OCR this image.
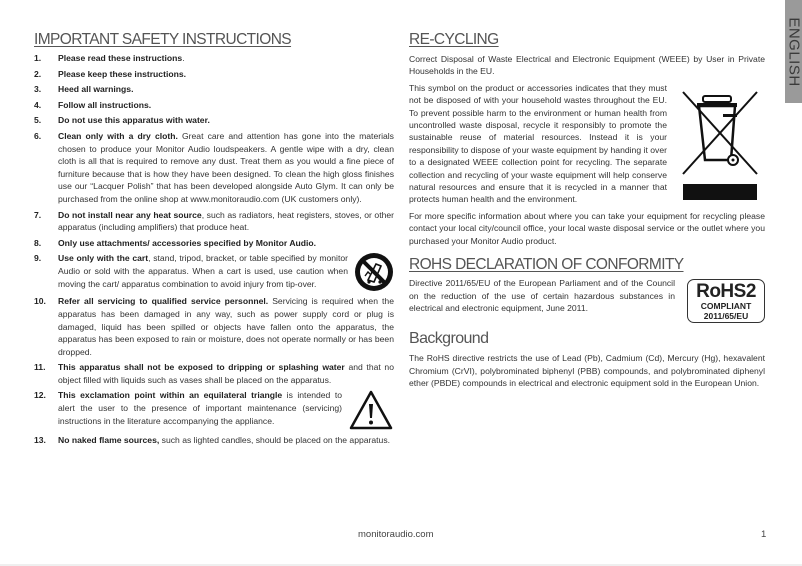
ENGLISH
IMPORTANT SAFETY INSTRUCTIONS
1. Please read these instructions.
2. Please keep these instructions.
3. Heed all warnings.
4. Follow all instructions.
5. Do not use this apparatus with water.
6. Clean only with a dry cloth. Great care and attention has gone into the materials chosen to produce your Monitor Audio loudspeakers. A gentle wipe with a dry, clean cloth is all that is required to remove any dust. Treat them as you would a fine piece of furniture because that is how they have been designed. To clean the high gloss finishes use our “Lacquer Polish” that has been developed alongside Auto Glym. It can only be purchased from the online shop at www.monitoraudio.com (UK customers only).
7. Do not install near any heat source, such as radiators, heat registers, stoves, or other apparatus (including amplifiers) that produce heat.
8. Only use attachments/ accessories specified by Monitor Audio.
9. Use only with the cart, stand, tripod, bracket, or table specified by monitor Audio or sold with the apparatus. When a cart is used, use caution when moving the cart/ apparatus combination to avoid injury from tip-over.
10. Refer all servicing to qualified service personnel. Servicing is required when the apparatus has been damaged in any way, such as power supply cord or plug is damaged, liquid has been spilled or objects have fallen onto the apparatus, the apparatus has been exposed to rain or moisture, does not operate normally or has been dropped.
11. This apparatus shall not be exposed to dripping or splashing water and that no object filled with liquids such as vases shall be placed on the apparatus.
12. This exclamation point within an equilateral triangle is intended to alert the user to the presence of important maintenance (servicing) instructions in the literature accompanying the appliance.
13. No naked flame sources, such as lighted candles, should be placed on the apparatus.
RE-CYCLING

Correct Disposal of Waste Electrical and Electronic Equipment (WEEE) by User in Private Households in the EU.

This symbol on the product or accessories indicates that they must not be disposed of with your household wastes throughout the EU. To prevent possible harm to the environment or human health from uncontrolled waste disposal, recycle it responsibly to promote the sustainable reuse of material resources. Instead it is your responsibility to dispose of your waste equipment by handing it over to a designated WEEE collection point for recycling. The separate collection and recycling of your waste equipment will help conserve natural resources and ensure that it is recycled in a manner that protects human health and the environment.

For more specific information about where you can take your equipment for recycling please contact your local city/council office, your local waste disposal service or the outlet where you purchased your Monitor Audio product.

ROHS DECLARATION OF CONFORMITY
RoHS2
COMPLIANT
2011/65/EU

Directive 2011/65/EU of the European Parliament and of the Council on the reduction of the use of certain hazardous substances in electrical and electronic equipment, June 2011.

Background

The RoHS directive restricts the use of Lead (Pb), Cadmium (Cd), Mercury (Hg), hexavalent Chromium (CrVI), polybrominated biphenyl (PBB) compounds, and polybrominated diphenyl ether (PBDE) compounds in electrical and electronic equipment sold in the European Union.

monitoraudio.com	1
